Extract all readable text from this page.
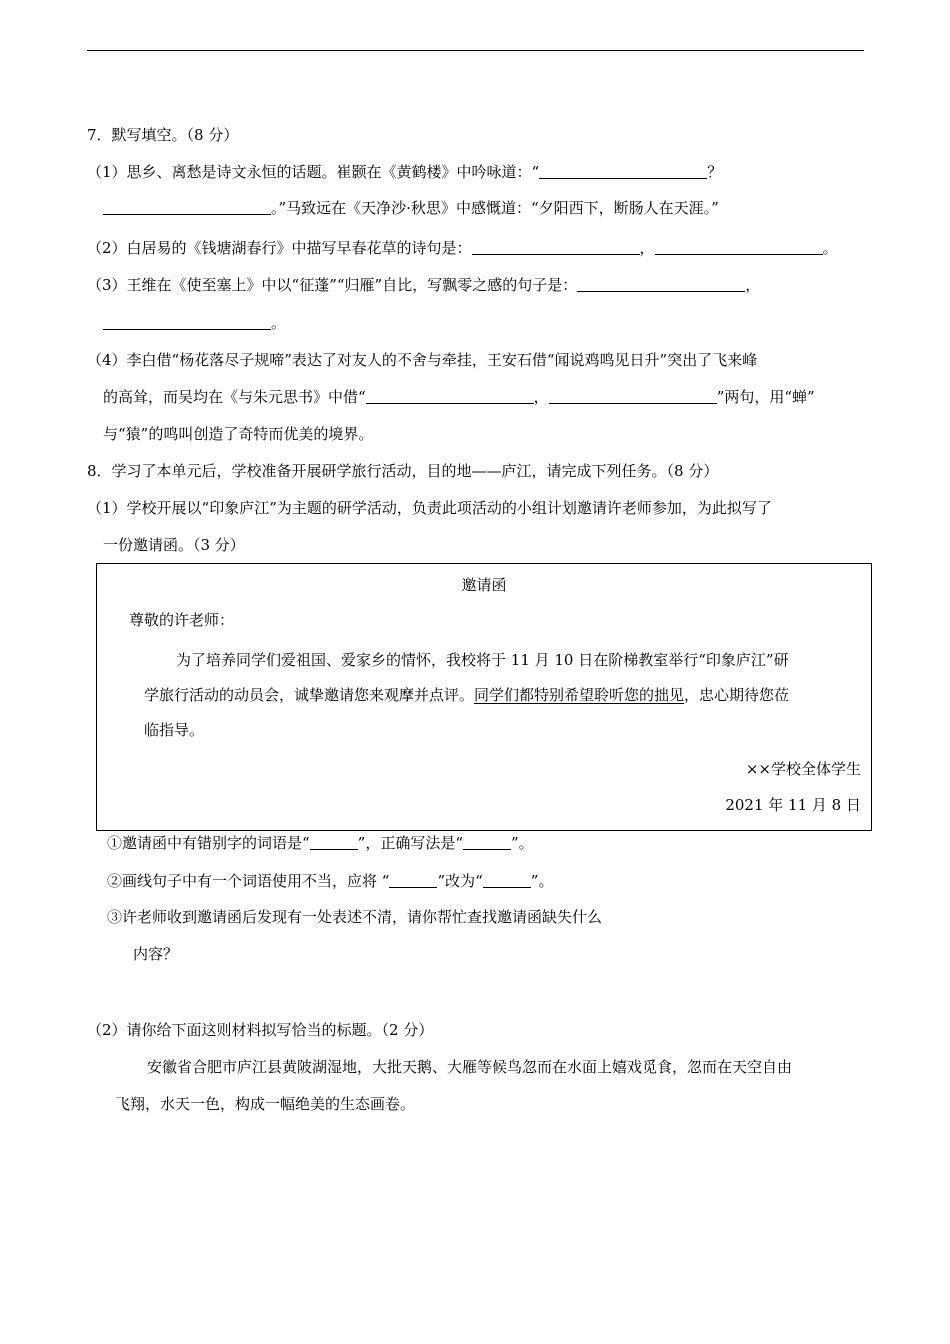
7．默写填空。（8 分）
（1）思乡、离愁是诗文永恒的话题。崔颢在《黄鹤楼》中吟咏道：“	？
。”马致远在《天净沙·秋思》中感慨道：“夕阳西下，断肠人在天涯。”
（2）白居易的《钱塘湖春行》中描写早春花草的诗句是：	，	。
（3）王维在《使至塞上》中以“征蓬”“归雁”自比，写飘零之感的句子是：	，
。
（4）李白借“杨花落尽子规啼”表达了对友人的不舍与牵挂，王安石借“闻说鸡鸣见日升”突出了飞来峰
的高耸，而吴均在《与朱元思书》中借“	，	”两句，用“蝉”
与“猿”的鸣叫创造了奇特而优美的境界。
8．学习了本单元后，学校准备开展研学旅行活动，目的地——庐江，请完成下列任务。（8 分）
（1）学校开展以“印象庐江”为主题的研学活动，负责此项活动的小组计划邀请许老师参加，为此拟写了
一份邀请函。（3 分）
邀请函
尊敬的许老师：
为了培养同学们爱祖国、爱家乡的情怀，我校将于 11 月 10 日在阶梯教室举行“印象庐江”研
学旅行活动的动员会，诚挚邀请您来观摩并点评。同学们都特别希望聆听您的拙见，忠心期待您莅
临指导。
××学校全体学生
2021 年 11 月 8 日
①邀请函中有错别字的词语是“	”，正确写法是“	”。
②画线句子中有一个词语使用不当，应将 “	”改为“	”。
③许老师收到邀请函后发现有一处表述不清，请你帮忙查找邀请函缺失什么
内容？
（2）请你给下面这则材料拟写恰当的标题。（2 分）
安徽省合肥市庐江县黄陂湖湿地，大批天鹅、大雁等候鸟忽而在水面上嬉戏觅食，忽而在天空自由
飞翔，水天一色，构成一幅绝美的生态画卷。
